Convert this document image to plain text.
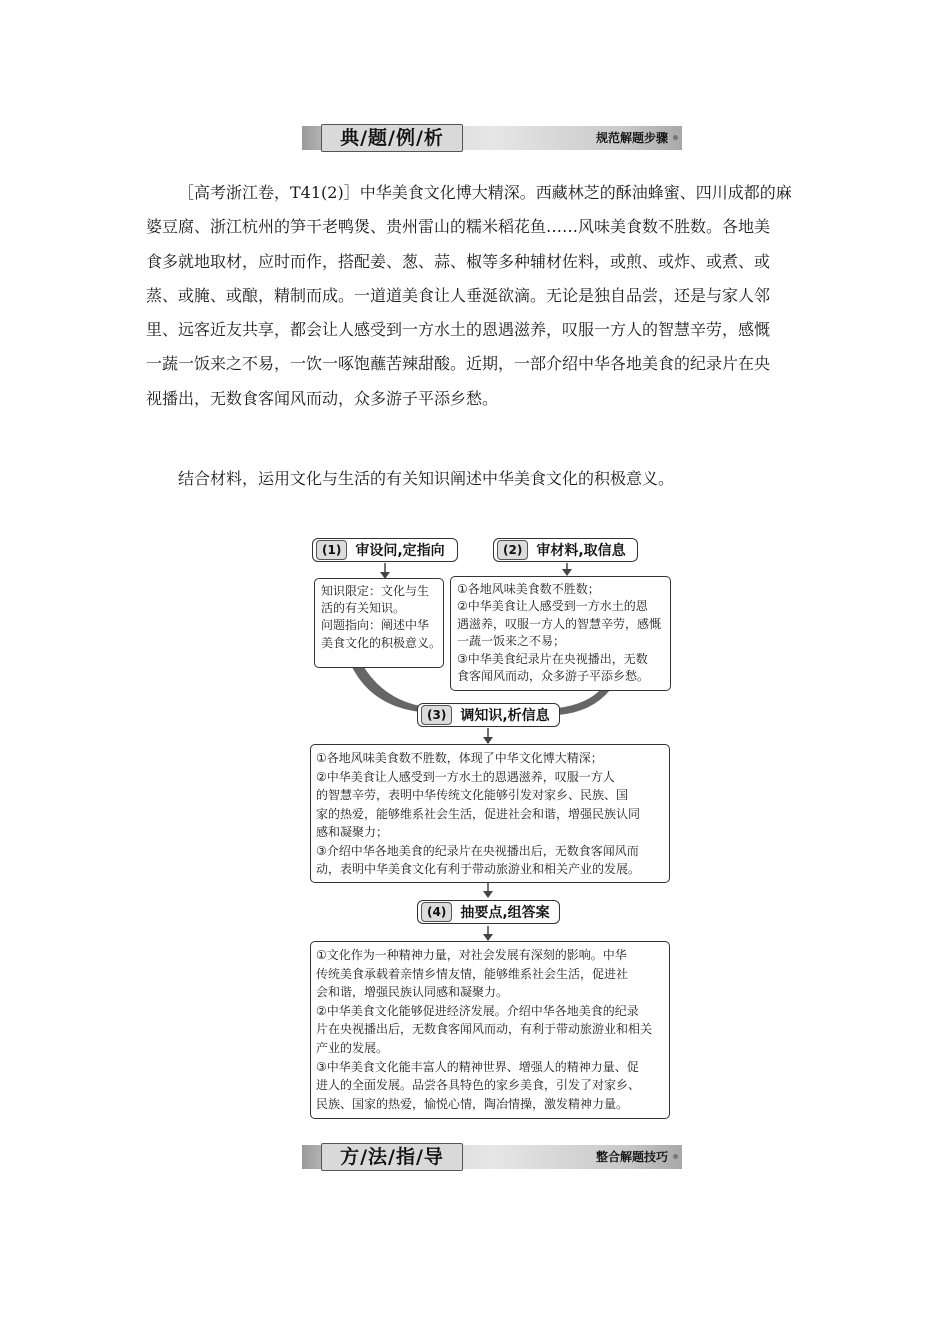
典/题/例/析	规范解题步骤
［高考浙江卷，T41(2)］中华美食文化博大精深。西藏林芝的酥油蜂蜜、四川成都的麻
婆豆腐、浙江杭州的笋干老鸭煲、贵州雷山的糯米稻花鱼……风味美食数不胜数。各地美
食多就地取材，应时而作，搭配姜、葱、蒜、椒等多种辅材佐料，或煎、或炸、或煮、或
蒸、或腌、或酿，精制而成。一道道美食让人垂涎欲滴。无论是独自品尝，还是与家人邻
里、远客近友共享，都会让人感受到一方水土的恩遇滋养，叹服一方人的智慧辛劳，感慨
一蔬一饭来之不易，一饮一啄饱蘸苦辣甜酸。近期，一部介绍中华各地美食的纪录片在央
视播出，无数食客闻风而动，众多游子平添乡愁。
结合材料，运用文化与生活的有关知识阐述中华美食文化的积极意义。
(1)	审设问,定指向
知识限定：文化与生
活的有关知识。
问题指向：阐述中华
美食文化的积极意义。
(2)	审材料,取信息
①各地风味美食数不胜数；
②中华美食让人感受到一方水土的恩
遇滋养，叹服一方人的智慧辛劳，感慨
一蔬一饭来之不易；
③中华美食纪录片在央视播出，无数
食客闻风而动，众多游子平添乡愁。
(3)	调知识,析信息
①各地风味美食数不胜数，体现了中华文化博大精深；
②中华美食让人感受到一方水土的恩遇滋养，叹服一方人
的智慧辛劳，表明中华传统文化能够引发对家乡、民族、国
家的热爱，能够维系社会生活，促进社会和谐，增强民族认同
感和凝聚力；
③介绍中华各地美食的纪录片在央视播出后，无数食客闻风而
动，表明中华美食文化有利于带动旅游业和相关产业的发展。
(4)	抽要点,组答案
①文化作为一种精神力量，对社会发展有深刻的影响。中华
传统美食承载着亲情乡情友情，能够维系社会生活，促进社
会和谐，增强民族认同感和凝聚力。
②中华美食文化能够促进经济发展。介绍中华各地美食的纪录
片在央视播出后，无数食客闻风而动，有利于带动旅游业和相关
产业的发展。
③中华美食文化能丰富人的精神世界、增强人的精神力量、促
进人的全面发展。品尝各具特色的家乡美食，引发了对家乡、
民族、国家的热爱，愉悦心情，陶冶情操，激发精神力量。
方/法/指/导	整合解题技巧
